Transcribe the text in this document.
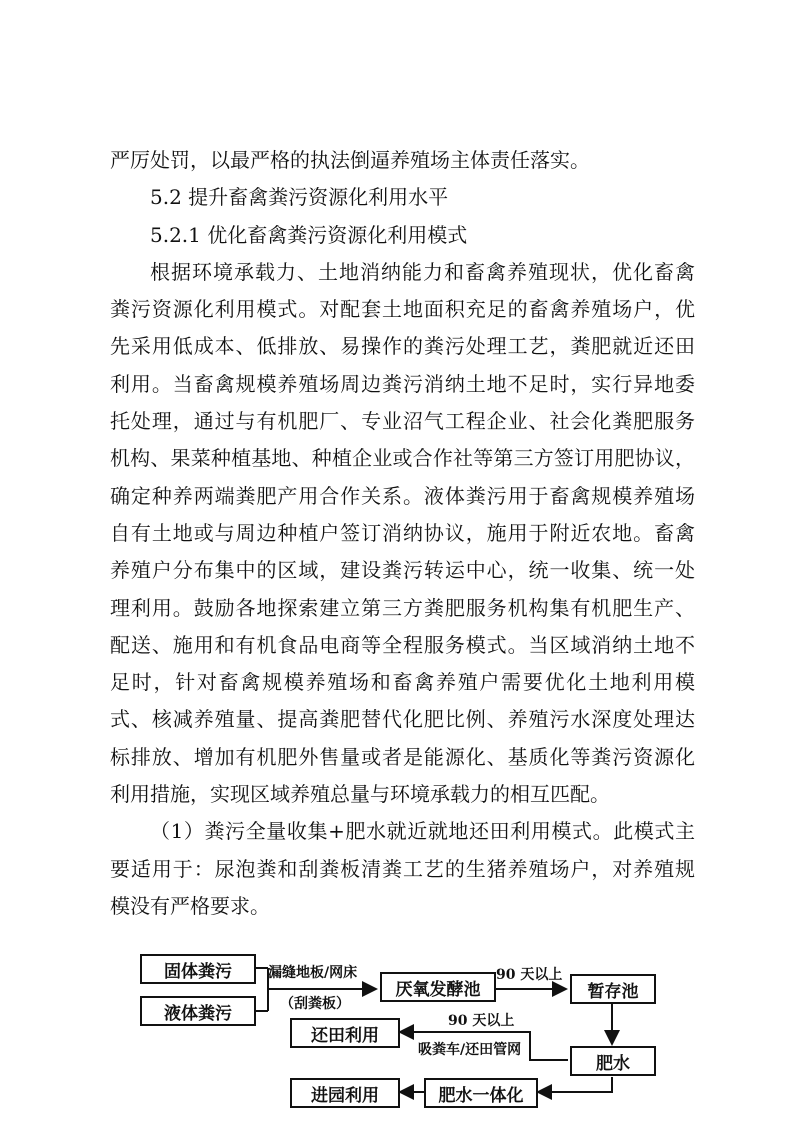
严厉处罚，以最严格的执法倒逼养殖场主体责任落实。
5.2 提升畜禽粪污资源化利用水平
5.2.1 优化畜禽粪污资源化利用模式
根据环境承载力、土地消纳能力和畜禽养殖现状，优化畜禽
粪污资源化利用模式。对配套土地面积充足的畜禽养殖场户，优
先采用低成本、低排放、易操作的粪污处理工艺，粪肥就近还田
利用。当畜禽规模养殖场周边粪污消纳土地不足时，实行异地委
托处理，通过与有机肥厂、专业沼气工程企业、社会化粪肥服务
机构、果菜种植基地、种植企业或合作社等第三方签订用肥协议，
确定种养两端粪肥产用合作关系。液体粪污用于畜禽规模养殖场
自有土地或与周边种植户签订消纳协议，施用于附近农地。畜禽
养殖户分布集中的区域，建设粪污转运中心，统一收集、统一处
理利用。鼓励各地探索建立第三方粪肥服务机构集有机肥生产、
配送、施用和有机食品电商等全程服务模式。当区域消纳土地不
足时，针对畜禽规模养殖场和畜禽养殖户需要优化土地利用模
式、核减养殖量、提高粪肥替代化肥比例、养殖污水深度处理达
标排放、增加有机肥外售量或者是能源化、基质化等粪污资源化
利用措施，实现区域养殖总量与环境承载力的相互匹配。
（1）粪污全量收集+肥水就近就地还田利用模式。此模式主
要适用于：尿泡粪和刮粪板清粪工艺的生猪养殖场户，对养殖规
模没有严格要求。
固体粪污
液体粪污
漏缝地板/网床
（刮粪板）
厌氧发酵池
90 天以上
暂存池
肥水
90 天以上
吸粪车/还田管网
还田利用
肥水一体化
进园利用
